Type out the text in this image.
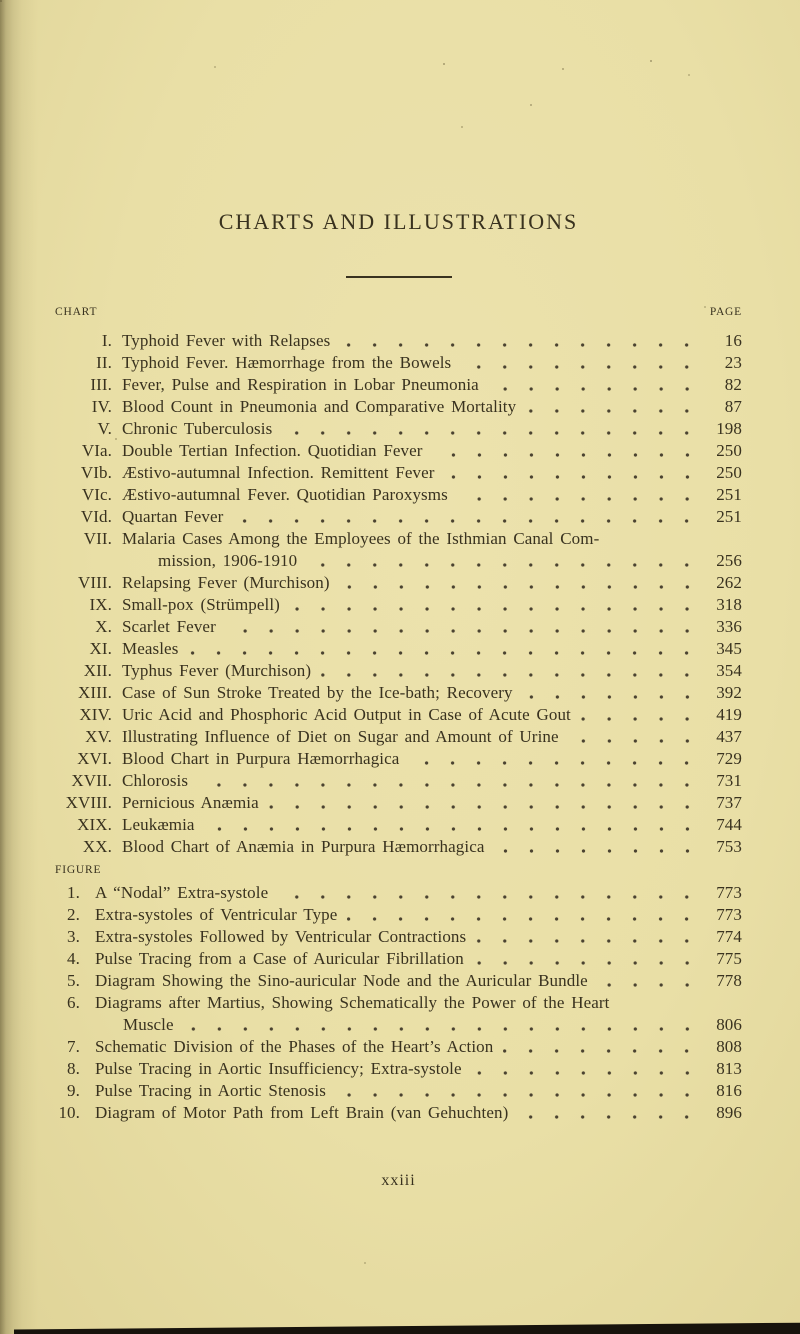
CHARTS AND ILLUSTRATIONS
CHART	PAGE
I. Typhoid Fever with Relapses	16
II. Typhoid Fever. Hæmorrhage from the Bowels	23
III. Fever, Pulse and Respiration in Lobar Pneumonia	82
IV. Blood Count in Pneumonia and Comparative Mortality	87
V. Chronic Tuberculosis	198
VIa. Double Tertian Infection. Quotidian Fever	250
VIb. Æstivo-autumnal Infection. Remittent Fever	250
VIc. Æstivo-autumnal Fever. Quotidian Paroxysms	251
VId. Quartan Fever	251
VII. Malaria Cases Among the Employees of the Isthmian Canal Com-
mission, 1906-1910	256
VIII. Relapsing Fever (Murchison)	262
IX. Small-pox (Strümpell)	318
X. Scarlet Fever	336
XI. Measles	345
XII. Typhus Fever (Murchison)	354
XIII. Case of Sun Stroke Treated by the Ice-bath; Recovery	392
XIV. Uric Acid and Phosphoric Acid Output in Case of Acute Gout	419
XV. Illustrating Influence of Diet on Sugar and Amount of Urine	437
XVI. Blood Chart in Purpura Hæmorrhagica	729
XVII. Chlorosis	731
XVIII. Pernicious Anæmia	737
XIX. Leukæmia	744
XX. Blood Chart of Anæmia in Purpura Hæmorrhagica	753
FIGURE
1. A “Nodal” Extra-systole	773
2. Extra-systoles of Ventricular Type	773
3. Extra-systoles Followed by Ventricular Contractions	774
4. Pulse Tracing from a Case of Auricular Fibrillation	775
5. Diagram Showing the Sino-auricular Node and the Auricular Bundle	778
6. Diagrams after Martius, Showing Schematically the Power of the Heart
Muscle	806
7. Schematic Division of the Phases of the Heart’s Action	808
8. Pulse Tracing in Aortic Insufficiency; Extra-systole	813
9. Pulse Tracing in Aortic Stenosis	816
10. Diagram of Motor Path from Left Brain (van Gehuchten)	896
xxiii
